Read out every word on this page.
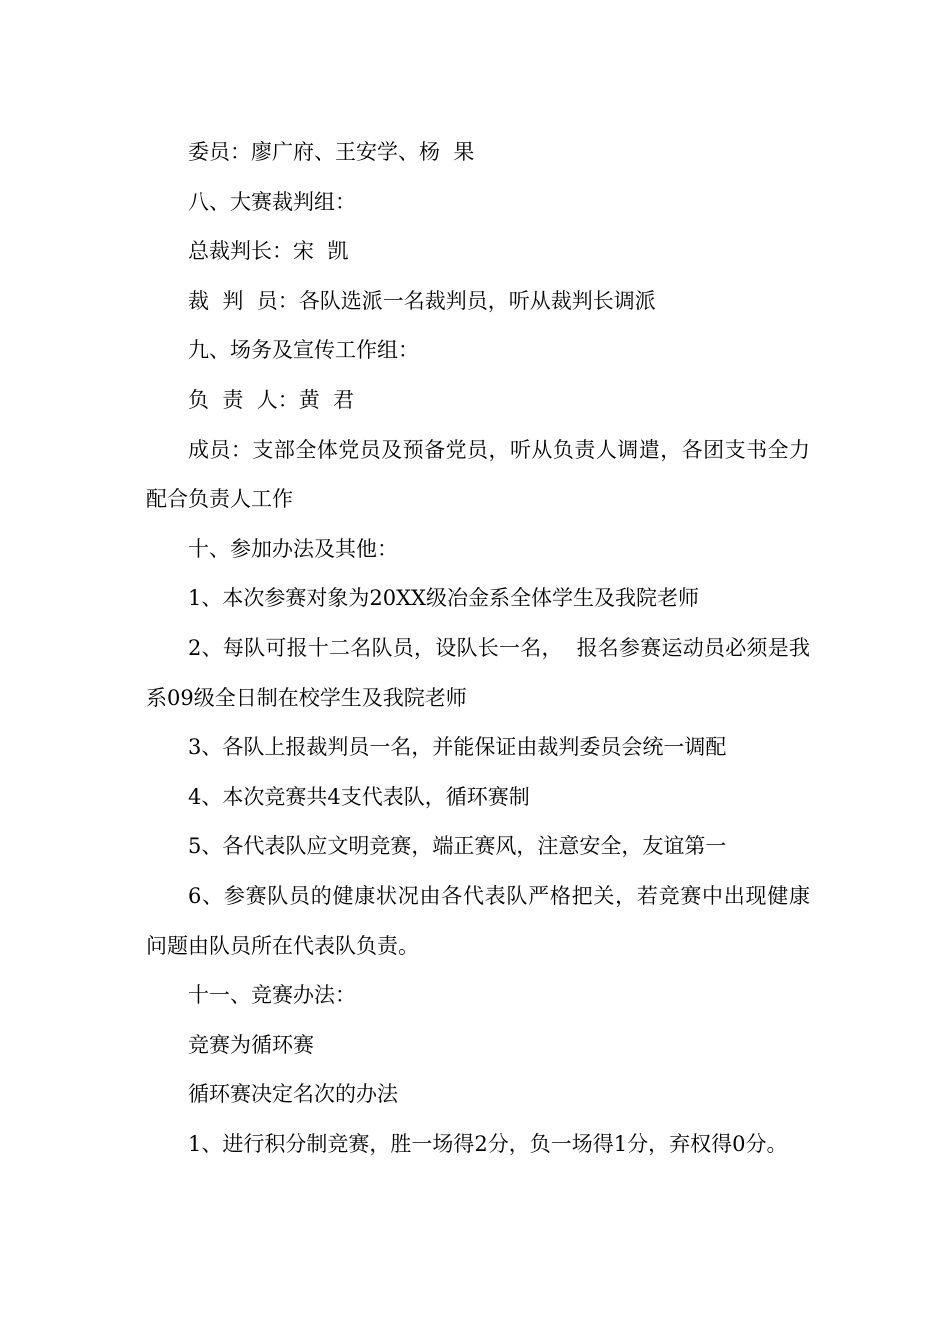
委员：廖广府、王安学、杨  果

八、大赛裁判组：

总裁判长：宋  凯

裁  判  员：各队选派一名裁判员，听从裁判长调派

九、场务及宣传工作组：

负  责  人：黄  君

成员：支部全体党员及预备党员，听从负责人调遣，各团支书全力配合负责人工作

十、参加办法及其他：

1、本次参赛对象为20XX级冶金系全体学生及我院老师

2、每队可报十二名队员，设队长一名，  报名参赛运动员必须是我系09级全日制在校学生及我院老师

3、各队上报裁判员一名，并能保证由裁判委员会统一调配

4、本次竞赛共4支代表队，循环赛制

5、各代表队应文明竞赛，端正赛风，注意安全，友谊第一

6、参赛队员的健康状况由各代表队严格把关，若竞赛中出现健康问题由队员所在代表队负责。

十一、竞赛办法：

竞赛为循环赛

循环赛决定名次的办法

1、进行积分制竞赛，胜一场得2分，负一场得1分，弃权得0分。
